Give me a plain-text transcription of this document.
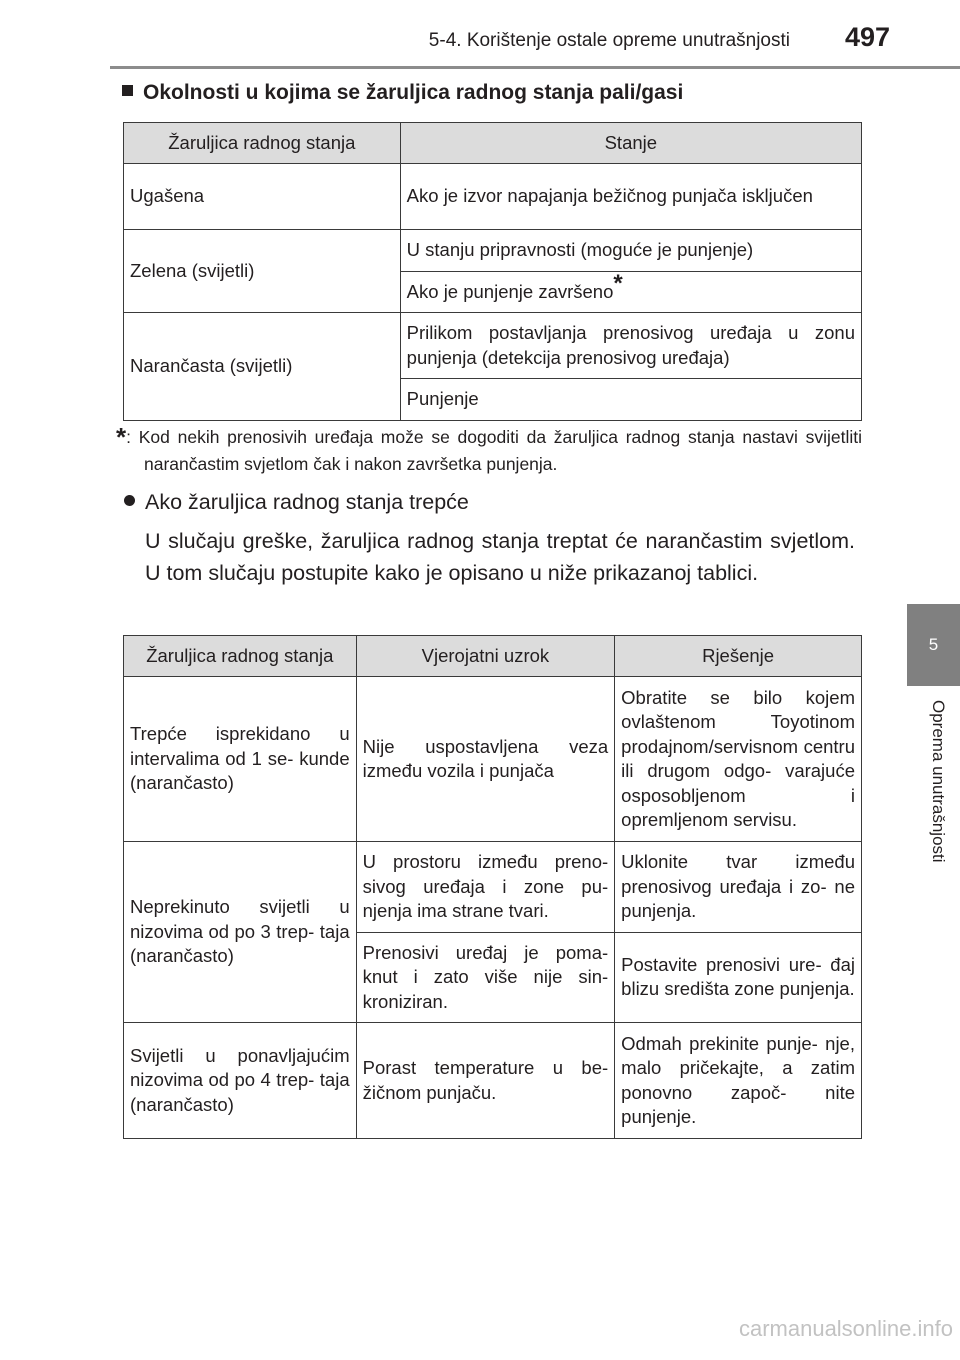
5-4. Korištenje ostale opreme unutrašnjosti	497
5
Oprema unutrašnjosti
Okolnosti u kojima se žaruljica radnog stanja pali/gasi
Žaruljica radnog stanja	Stanje
Ugašena	Ako je izvor napajanja bežičnog punjača isključen
Zelena (svijetli)	U stanju pripravnosti (moguće je punjenje)
	Ako je punjenje završeno*
Narančasta (svijetli)	Prilikom postavljanja prenosivog uređaja u zonu punjenja (detekcija prenosivog uređaja)
	Punjenje
*: Kod nekih prenosivih uređaja može se dogoditi da žaruljica radnog stanja nastavi svijetliti narančastim svjetlom čak i nakon završetka punjenja.
Ako žaruljica radnog stanja trepće
U slučaju greške, žaruljica radnog stanja treptat će narančastim svjetlom. U tom slučaju postupite kako je opisano u niže prikazanoj tablici.
Žaruljica radnog stanja	Vjerojatni uzrok	Rješenje
Trepće isprekidano u intervalima od 1 se- kunde (narančasto)	Nije uspostavljena veza između vozila i punjača	Obratite se bilo kojem ovlaštenom Toyotinom prodajnom/servisnom centru ili drugom odgo- varajuće osposobljenom i opremljenom servisu.
Neprekinuto svijetli u nizovima od po 3 trep- taja (narančasto)	U prostoru između preno- sivog uređaja i zone pu- njenja ima strane tvari.	Uklonite tvar između prenosivog uređaja i zo- ne punjenja.
	Prenosivi uređaj je poma- knut i zato više nije sin- kroniziran.	Postavite prenosivi ure- đaj blizu središta zone punjenja.
Svijetli u ponavljajućim nizovima od po 4 trep- taja (narančasto)	Porast temperature u be- žičnom punjaču.	Odmah prekinite punje- nje, malo pričekajte, a zatim ponovno započ- nite punjenje.
carmanualsonline.info
